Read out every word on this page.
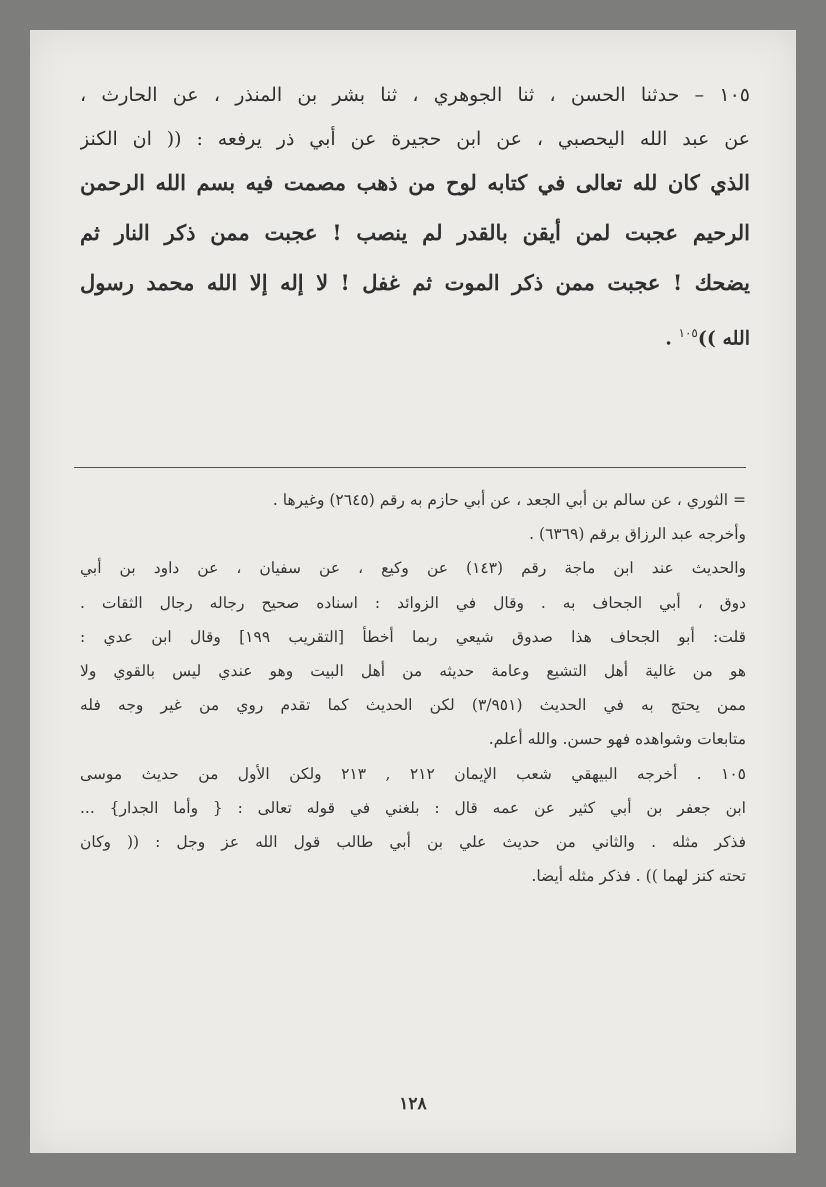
١٠٥ – حدثنا الحسن ، ثنا الجوهري ، ثنا بشر بن المنذر ، عن الحارث ،
عن عبد الله اليحصبي ، عن ابن حجيرة عن أبي ذر يرفعه : (( ان الكنز
الذي كان لله تعالى في كتابه لوح من ذهب مصمت فيه بسم الله الرحمن
الرحيم عجبت لمن أيقن بالقدر لم ينصب ! عجبت ممن ذكر النار ثم
يضحك ! عجبت ممن ذكر الموت ثم غفل ! لا إله إلا الله محمد رسول
الله ))$^{١٠٥}$ .
= الثوري ، عن سالم بن أبي الجعد ، عن أبي حازم به رقم (٢٦٤٥) وغيرها .
وأخرجه عبد الرزاق برقم (٦٣٦٩) .
والحديث عند ابن ماجة رقم (١٤٣) عن وكيع ، عن سفيان ، عن داود بن أبي
دوق ، أبي الجحاف به . وقال في الزوائد : اسناده صحيح رجاله رجال الثقات .
قلت: أبو الجحاف هذا صدوق شيعي ربما أخطأ [التقريب ١٩٩] وقال ابن عدي :
هو من غالية أهل التشيع وعامة حديثه من أهل البيت وهو عندي ليس بالقوي ولا
ممن يحتج به في الحديث (٣/٩٥١) لكن الحديث كما تقدم روي من غير وجه فله
متابعات وشواهده فهو حسن. والله أعلم.
١٠٥ . أخرجه البيهقي شعب الإيمان ٢١٢ , ٢١٣ ولكن الأول من حديث موسى
ابن جعفر بن أبي كثير عن عمه قال : بلغني في قوله تعالى : { وأما الجدار} ...
فذكر مثله . والثاني من حديث علي بن أبي طالب قول الله عز وجل : (( وكان
تحته كنز لهما )) . فذكر مثله أيضا.
١٢٨
